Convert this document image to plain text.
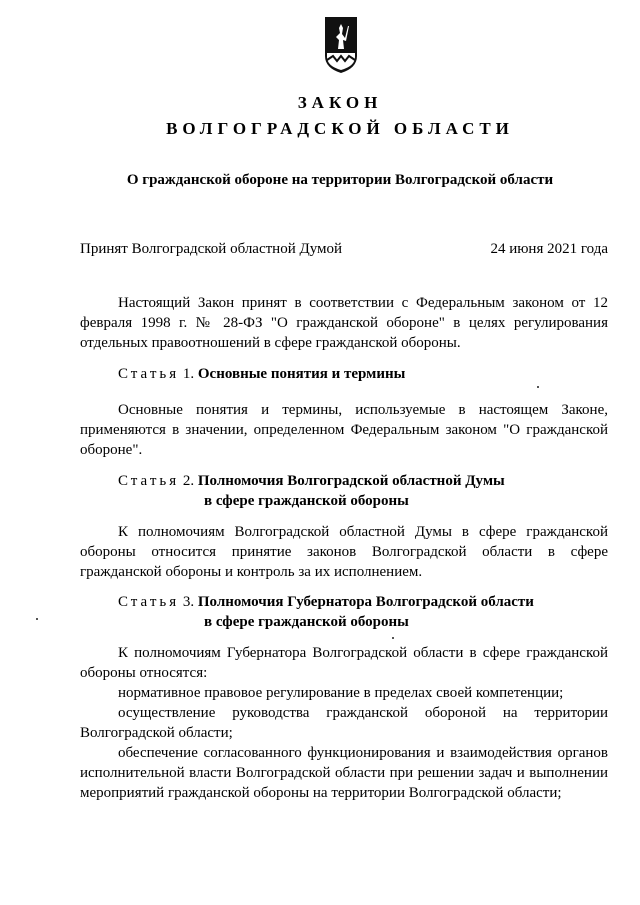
ЗАКОН
ВОЛГОГРАДСКОЙ ОБЛАСТИ
О гражданской обороне на территории Волгоградской области
Принят Волгоградской областной Думой	24 июня 2021 года
Настоящий Закон принят в соответствии с Федеральным законом от 12 февраля 1998 г. № 28-ФЗ "О гражданской обороне" в целях регулирования отдельных правоотношений в сфере гражданской обороны.
Статья 1. Основные понятия и термины
Основные понятия и термины, используемые в настоящем Законе, применяются в значении, определенном Федеральным законом "О гражданской обороне".
Статья 2. Полномочия Волгоградской областной Думы
в сфере гражданской обороны
К полномочиям Волгоградской областной Думы в сфере гражданской обороны относится принятие законов Волгоградской области в сфере гражданской обороны и контроль за их исполнением.
Статья 3. Полномочия Губернатора Волгоградской области
в сфере гражданской обороны
К полномочиям Губернатора Волгоградской области в сфере гражданской обороны относятся:
нормативное правовое регулирование в пределах своей компетенции;
осуществление руководства гражданской обороной на территории Волгоградской области;
обеспечение согласованного функционирования и взаимодействия органов исполнительной власти Волгоградской области при решении задач и выполнении мероприятий гражданской обороны на территории Волгоградской области;
